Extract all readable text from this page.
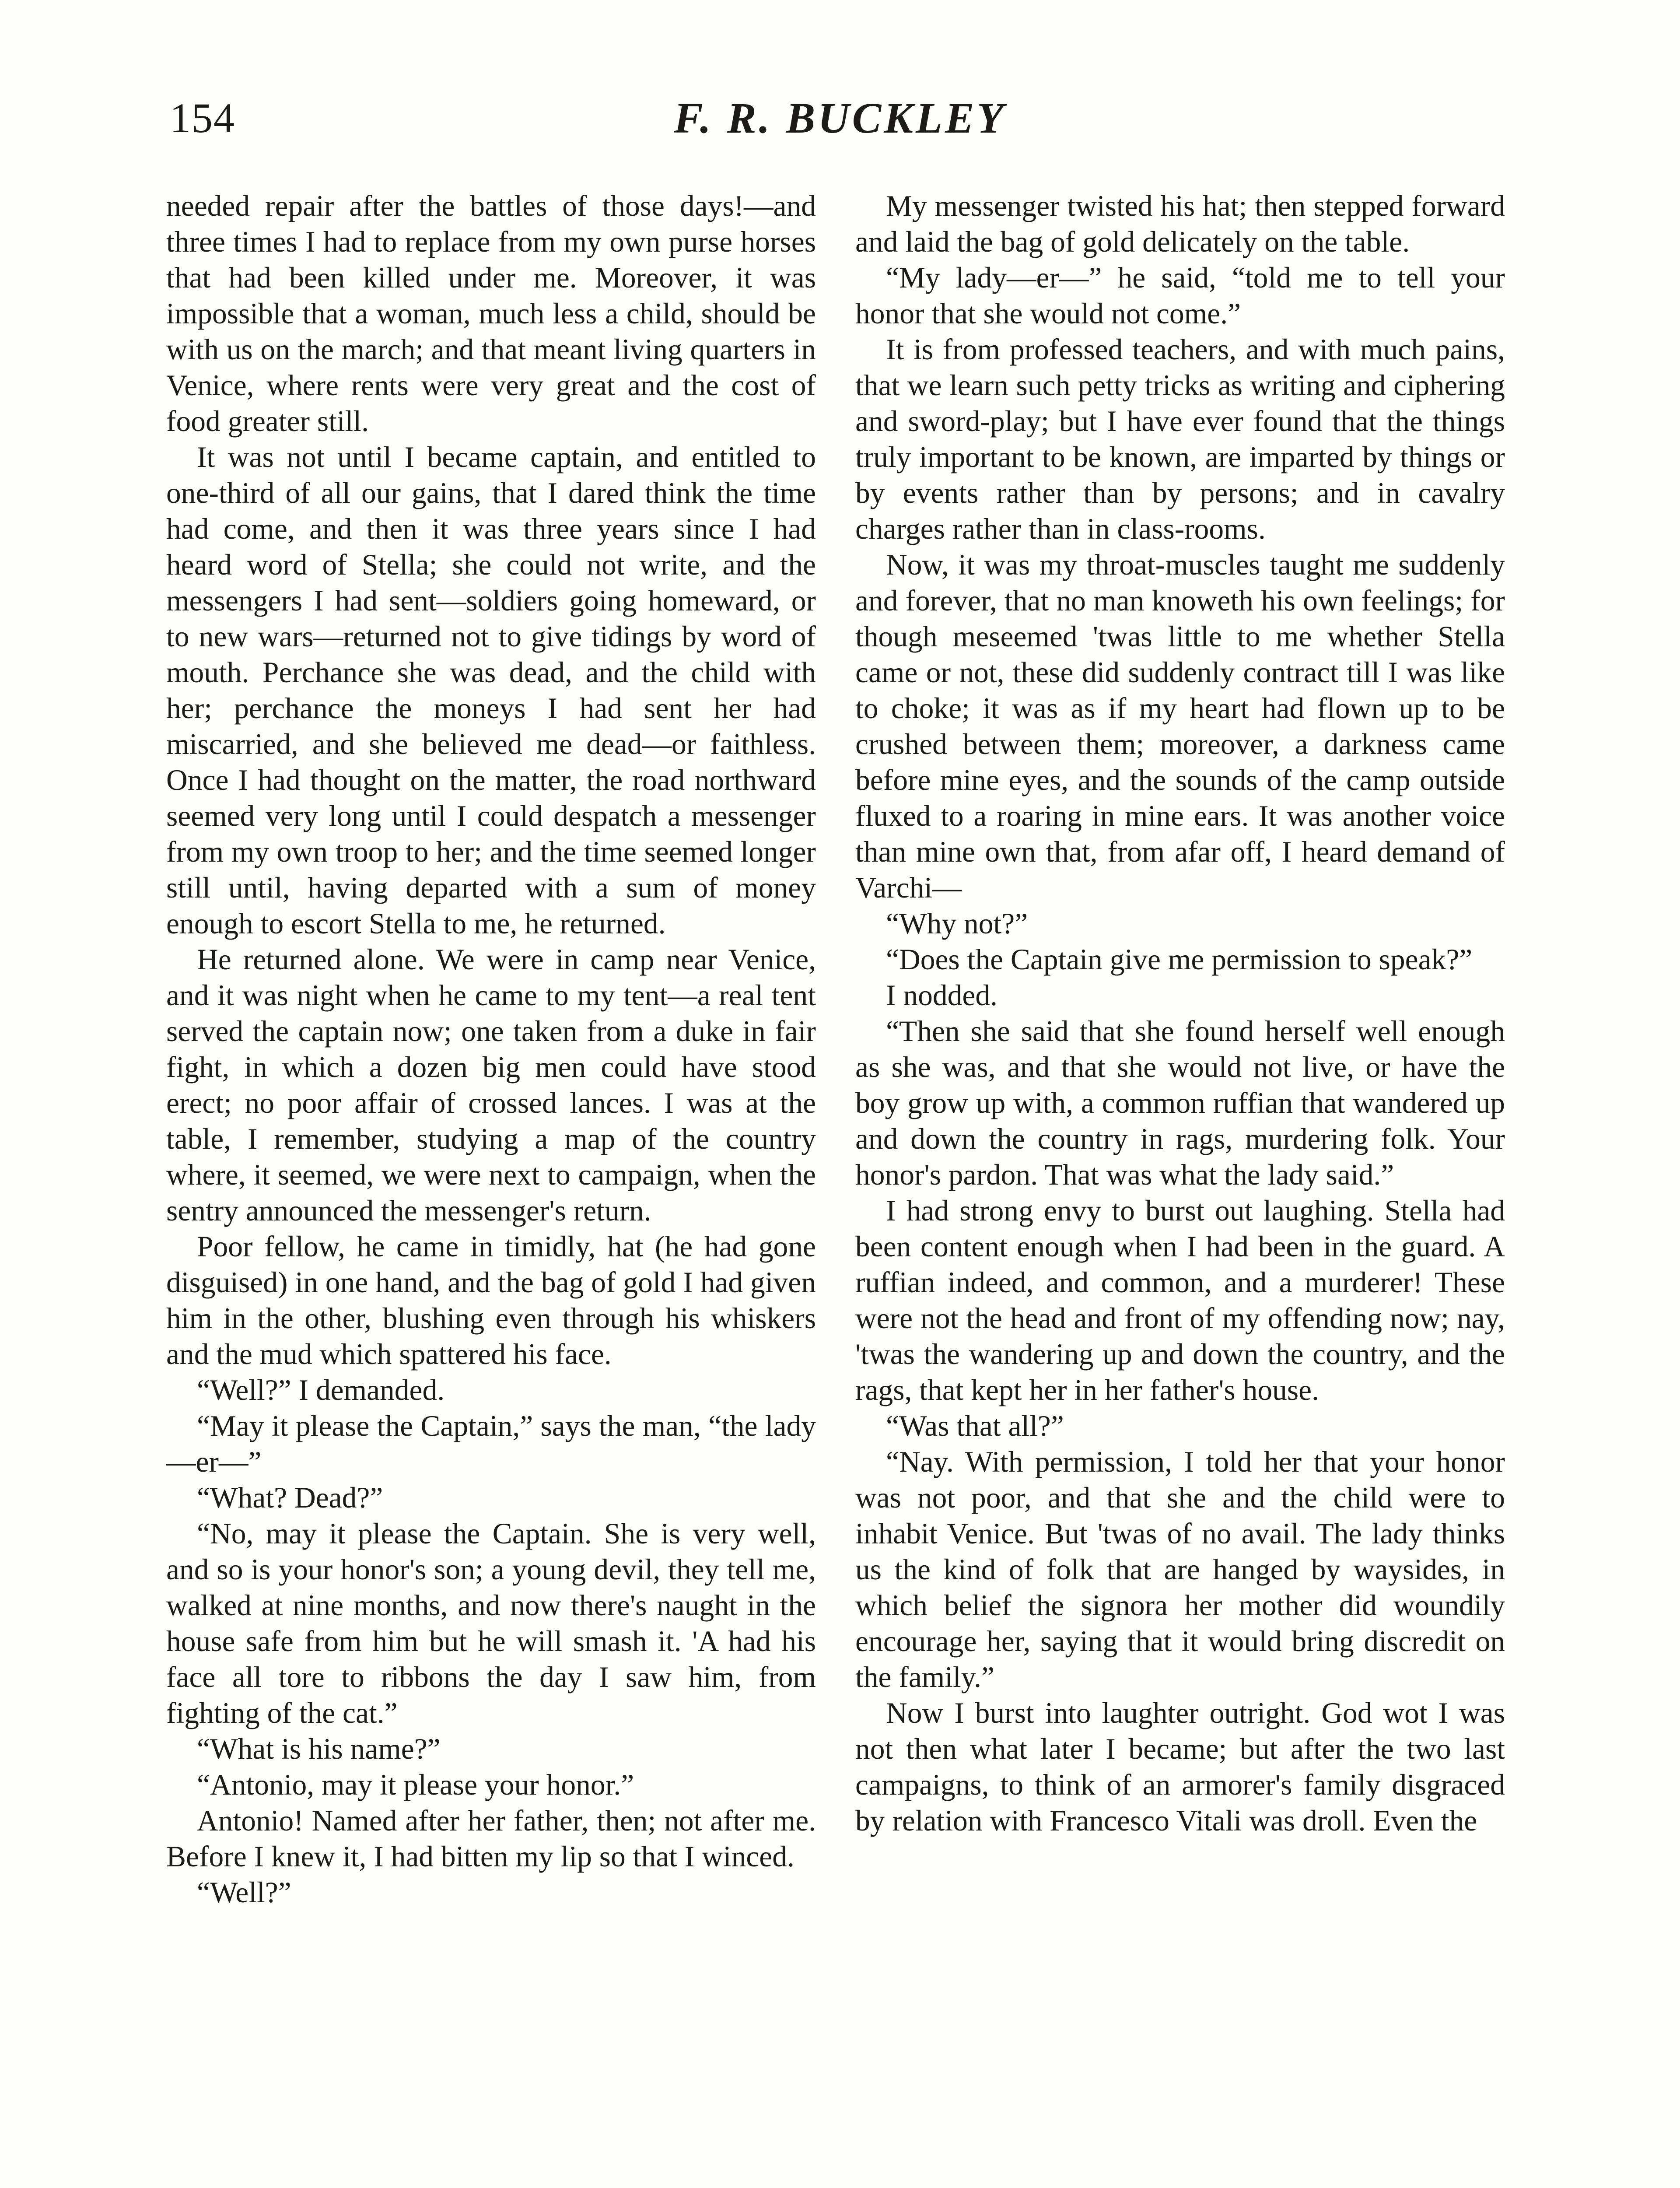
154	F. R. BUCKLEY

needed repair after the battles of those days!—and three times I had to replace from my own purse horses that had been killed under me. Moreover, it was impossible that a woman, much less a child, should be with us on the march; and that meant living quarters in Venice, where rents were very great and the cost of food greater still.

It was not until I became captain, and entitled to one-third of all our gains, that I dared think the time had come, and then it was three years since I had heard word of Stella; she could not write, and the messengers I had sent—soldiers going homeward, or to new wars—returned not to give tidings by word of mouth. Perchance she was dead, and the child with her; perchance the moneys I had sent her had miscarried, and she believed me dead—or faithless. Once I had thought on the matter, the road northward seemed very long until I could despatch a messenger from my own troop to her; and the time seemed longer still until, having departed with a sum of money enough to escort Stella to me, he returned.

He returned alone. We were in camp near Venice, and it was night when he came to my tent—a real tent served the captain now; one taken from a duke in fair fight, in which a dozen big men could have stood erect; no poor affair of crossed lances. I was at the table, I remember, studying a map of the country where, it seemed, we were next to campaign, when the sentry announced the messenger's return.

Poor fellow, he came in timidly, hat (he had gone disguised) in one hand, and the bag of gold I had given him in the other, blushing even through his whiskers and the mud which spattered his face.

“Well?” I demanded.

“May it please the Captain,” says the man, “the lady—er—”

“What? Dead?”

“No, may it please the Captain. She is very well, and so is your honor's son; a young devil, they tell me, walked at nine months, and now there's naught in the house safe from him but he will smash it. 'A had his face all tore to ribbons the day I saw him, from fighting of the cat.”

“What is his name?”

“Antonio, may it please your honor.”

Antonio! Named after her father, then; not after me. Before I knew it, I had bitten my lip so that I winced.

“Well?”

My messenger twisted his hat; then stepped forward and laid the bag of gold delicately on the table.

“My lady—er—” he said, “told me to tell your honor that she would not come.”

It is from professed teachers, and with much pains, that we learn such petty tricks as writing and ciphering and sword-play; but I have ever found that the things truly important to be known, are imparted by things or by events rather than by persons; and in cavalry charges rather than in class-rooms.

Now, it was my throat-muscles taught me suddenly and forever, that no man knoweth his own feelings; for though meseemed 'twas little to me whether Stella came or not, these did suddenly contract till I was like to choke; it was as if my heart had flown up to be crushed between them; moreover, a darkness came before mine eyes, and the sounds of the camp outside fluxed to a roaring in mine ears. It was another voice than mine own that, from afar off, I heard demand of Varchi—

“Why not?”

“Does the Captain give me permission to speak?”

I nodded.

“Then she said that she found herself well enough as she was, and that she would not live, or have the boy grow up with, a common ruffian that wandered up and down the country in rags, murdering folk. Your honor's pardon. That was what the lady said.”

I had strong envy to burst out laughing. Stella had been content enough when I had been in the guard. A ruffian indeed, and common, and a murderer! These were not the head and front of my offending now; nay, 'twas the wandering up and down the country, and the rags, that kept her in her father's house.

“Was that all?”

“Nay. With permission, I told her that your honor was not poor, and that she and the child were to inhabit Venice. But 'twas of no avail. The lady thinks us the kind of folk that are hanged by waysides, in which belief the signora her mother did woundily encourage her, saying that it would bring discredit on the family.”

Now I burst into laughter outright. God wot I was not then what later I became; but after the two last campaigns, to think of an armorer's family disgraced by relation with Francesco Vitali was droll. Even the
